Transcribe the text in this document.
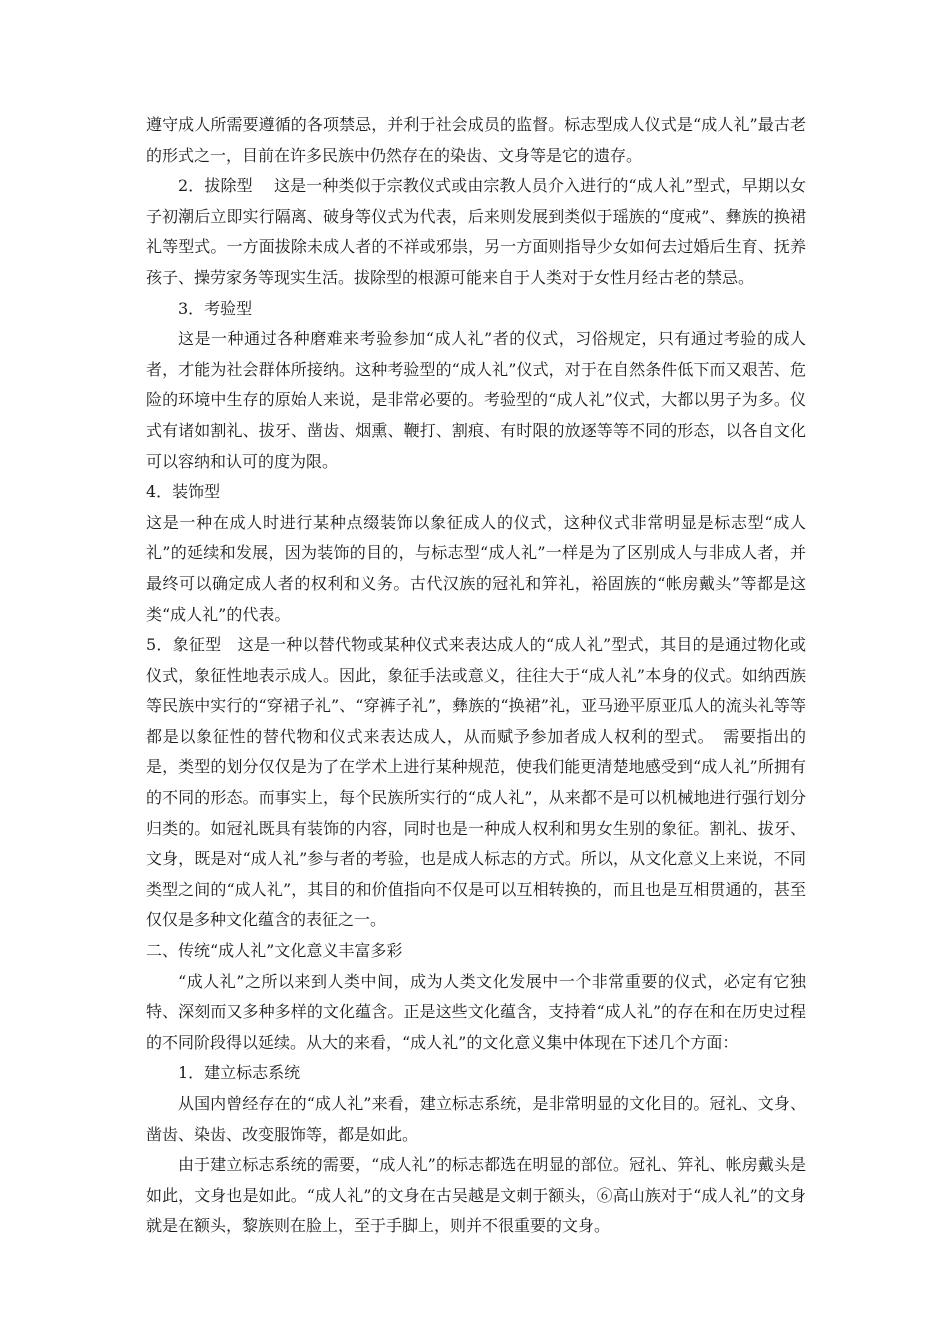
遵守成人所需要遵循的各项禁忌，并利于社会成员的监督。标志型成人仪式是“成人礼”最古老的形式之一，目前在许多民族中仍然存在的染齿、文身等是它的遗存。

2．拔除型　 这是一种类似于宗教仪式或由宗教人员介入进行的“成人礼”型式，早期以女子初潮后立即实行隔离、破身等仪式为代表，后来则发展到类似于瑶族的“度戒”、彝族的换裙礼等型式。一方面拔除未成人者的不祥或邪祟，另一方面则指导少女如何去过婚后生育、抚养孩子、操劳家务等现实生活。拔除型的根源可能来自于人类对于女性月经古老的禁忌。

3．考验型

这是一种通过各种磨难来考验参加“成人礼”者的仪式，习俗规定，只有通过考验的成人者，才能为社会群体所接纳。这种考验型的“成人礼”仪式，对于在自然条件低下而又艰苦、危险的环境中生存的原始人来说，是非常必要的。考验型的“成人礼”仪式，大都以男子为多。仪式有诸如割礼、拔牙、凿齿、烟熏、鞭打、割痕、有时限的放逐等等不同的形态，以各自文化可以容纳和认可的度为限。

4．装饰型

这是一种在成人时进行某种点缀装饰以象征成人的仪式，这种仪式非常明显是标志型“成人礼”的延续和发展，因为装饰的目的，与标志型“成人礼”一样是为了区别成人与非成人者，并最终可以确定成人者的权利和义务。古代汉族的冠礼和笄礼，裕固族的“帐房戴头”等都是这类“成人礼”的代表。

5．象征型　这是一种以替代物或某种仪式来表达成人的“成人礼”型式，其目的是通过物化或仪式，象征性地表示成人。因此，象征手法或意义，往往大于“成人礼”本身的仪式。如纳西族等民族中实行的“穿裙子礼”、“穿裤子礼”，彝族的“换裙”礼，亚马逊平原亚瓜人的流头礼等等都是以象征性的替代物和仪式来表达成人，从而赋予参加者成人权利的型式。　需要指出的是，类型的划分仅仅是为了在学术上进行某种规范，使我们能更清楚地感受到“成人礼”所拥有的不同的形态。而事实上，每个民族所实行的“成人礼”，从来都不是可以机械地进行强行划分归类的。如冠礼既具有装饰的内容，同时也是一种成人权利和男女生别的象征。割礼、拔牙、文身，既是对“成人礼”参与者的考验，也是成人标志的方式。所以，从文化意义上来说，不同类型之间的“成人礼”，其目的和价值指向不仅是可以互相转换的，而且也是互相贯通的，甚至仅仅是多种文化蕴含的表征之一。

二、传统“成人礼”文化意义丰富多彩

“成人礼”之所以来到人类中间，成为人类文化发展中一个非常重要的仪式，必定有它独特、深刻而又多种多样的文化蕴含。正是这些文化蕴含，支持着“成人礼”的存在和在历史过程的不同阶段得以延续。从大的来看，“成人礼”的文化意义集中体现在下述几个方面：

1．建立标志系统

从国内曾经存在的“成人礼”来看，建立标志系统，是非常明显的文化目的。冠礼、文身、凿齿、染齿、改变服饰等，都是如此。

由于建立标志系统的需要，“成人礼”的标志都选在明显的部位。冠礼、笄礼、帐房戴头是如此，文身也是如此。“成人礼”的文身在古吴越是文刺于额头，⑥高山族对于“成人礼”的文身就是在额头，黎族则在脸上，至于手脚上，则并不很重要的文身。
